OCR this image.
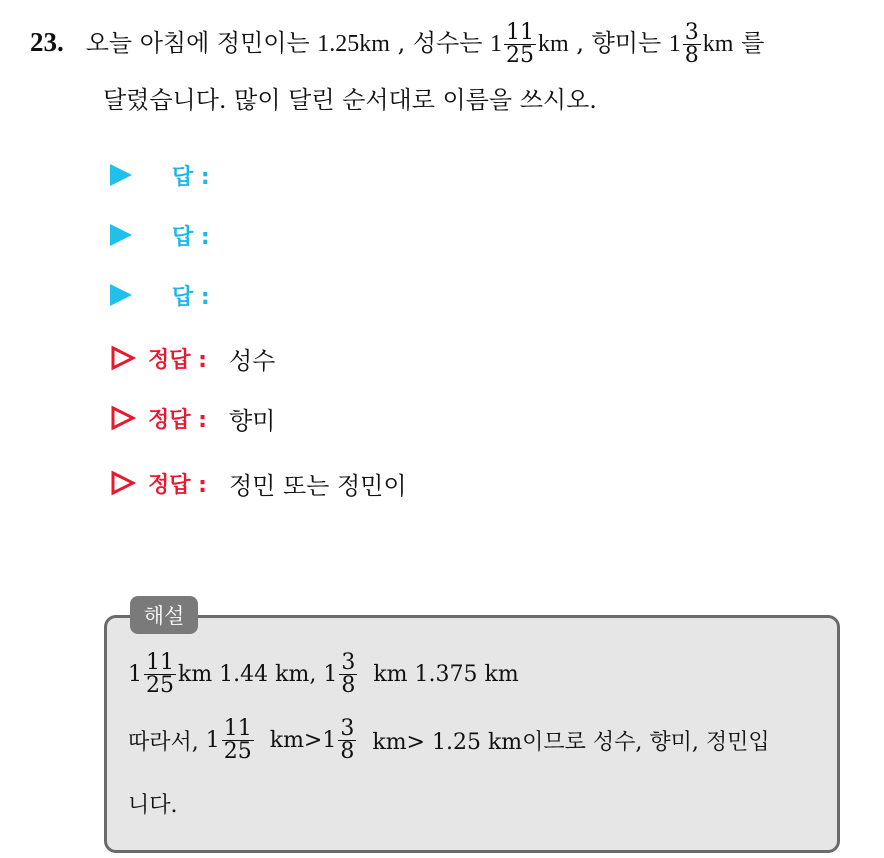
23. 오늘 아침에 정민이는 1.25km , 성수는 $1 \frac{11}{25}$ km , 향미는 $1 \frac{3}{8}$ km 를
달렸습니다. 많이 달린 순서대로 이름을 쓰시오.
답 :
답 :
답 :
정답 : 성수
정답 : 향미
정답 : 정민 또는 정민이
해설
$1 \frac{11}{25}$ km 1.44 km, $1 \frac{3}{8}$ km 1.375 km
따라서, $1 \frac{11}{25} km> 1 \frac{3}{8} km> 1.25$ km이므로 성수, 향미, 정민입
니다.
